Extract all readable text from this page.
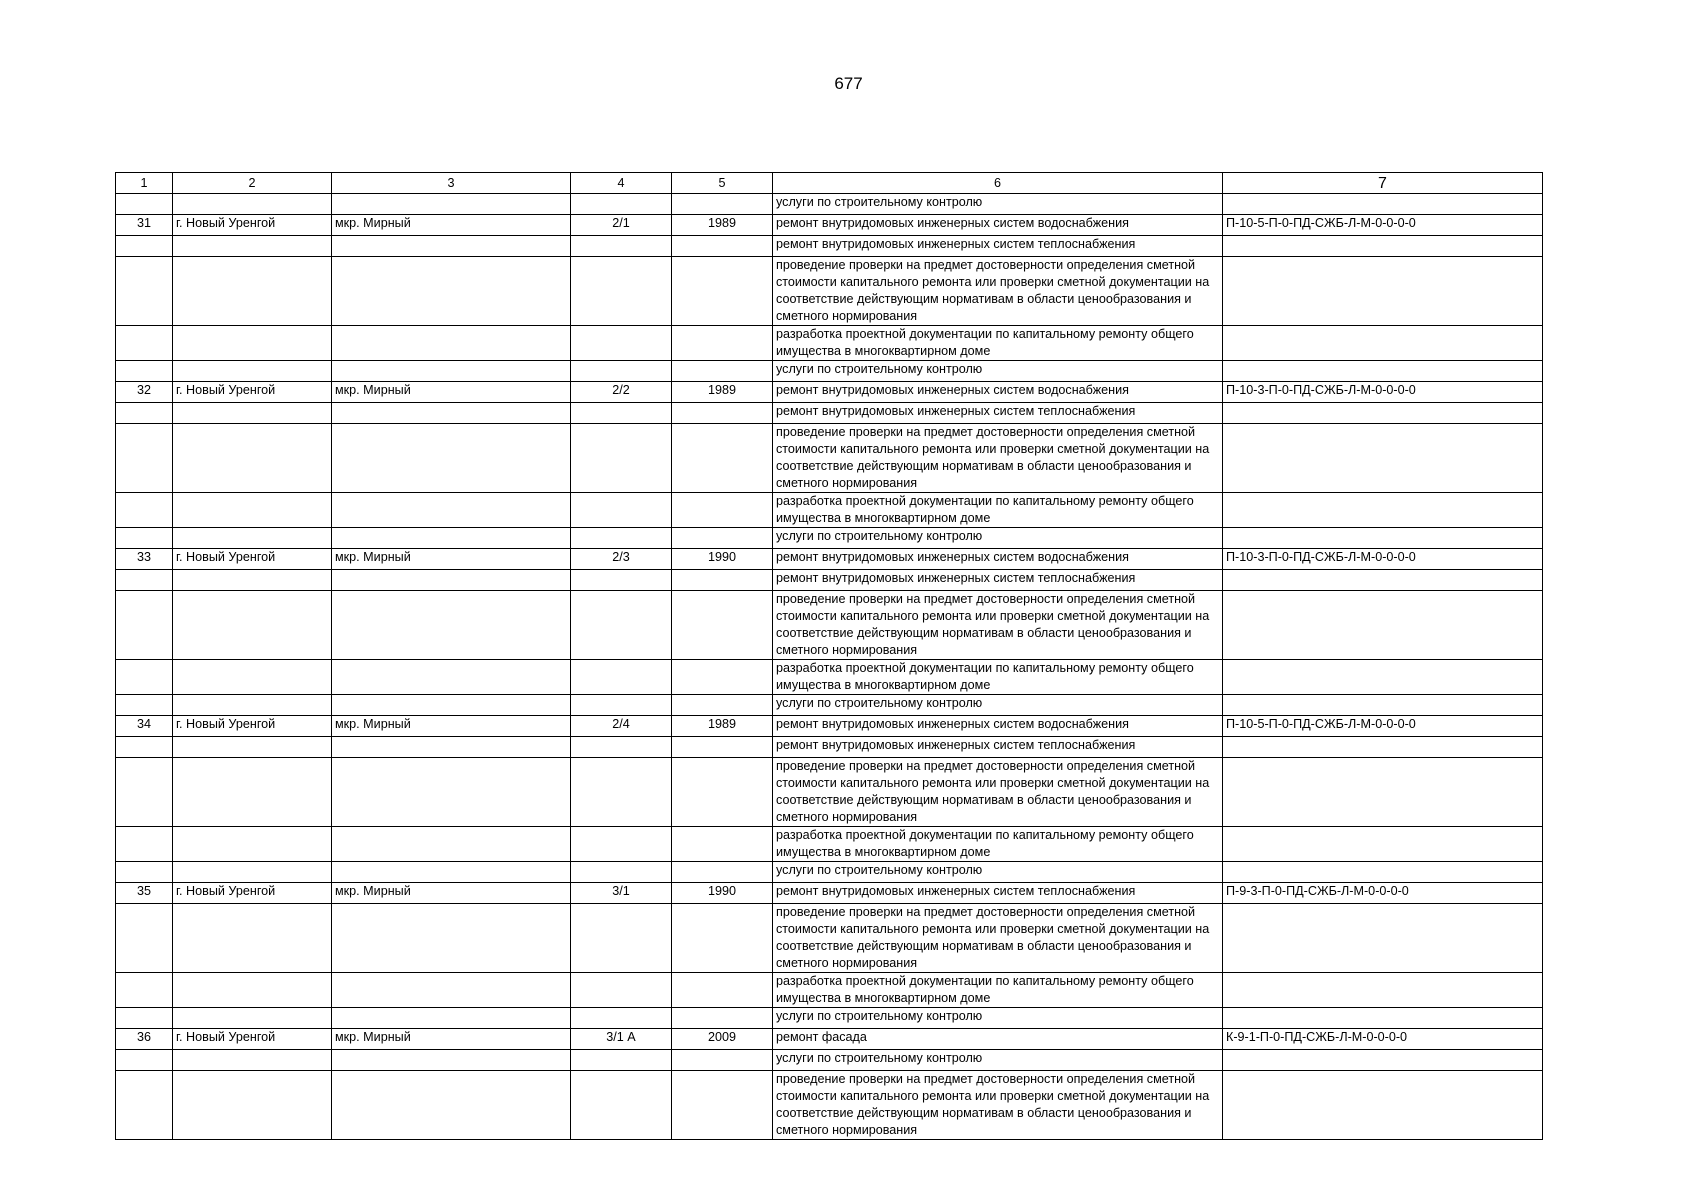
677
1	2	3	4	5	6	7
					услуги по строительному контролю	
31	г. Новый Уренгой	мкр. Мирный	2/1	1989	ремонт внутридомовых инженерных систем водоснабжения	П-10-5-П-0-ПД-СЖБ-Л-М-0-0-0-0
					ремонт внутридомовых инженерных систем теплоснабжения	
					проведение проверки на предмет достоверности определения сметной стоимости капитального ремонта или проверки сметной документации на соответствие действующим нормативам в области ценообразования и сметного нормирования	
					разработка проектной документации по капитальному ремонту общего имущества в многоквартирном доме	
					услуги по строительному контролю	
32	г. Новый Уренгой	мкр. Мирный	2/2	1989	ремонт внутридомовых инженерных систем водоснабжения	П-10-3-П-0-ПД-СЖБ-Л-М-0-0-0-0
					ремонт внутридомовых инженерных систем теплоснабжения	
					проведение проверки на предмет достоверности определения сметной стоимости капитального ремонта или проверки сметной документации на соответствие действующим нормативам в области ценообразования и сметного нормирования	
					разработка проектной документации по капитальному ремонту общего имущества в многоквартирном доме	
					услуги по строительному контролю	
33	г. Новый Уренгой	мкр. Мирный	2/3	1990	ремонт внутридомовых инженерных систем водоснабжения	П-10-3-П-0-ПД-СЖБ-Л-М-0-0-0-0
					ремонт внутридомовых инженерных систем теплоснабжения	
					проведение проверки на предмет достоверности определения сметной стоимости капитального ремонта или проверки сметной документации на соответствие действующим нормативам в области ценообразования и сметного нормирования	
					разработка проектной документации по капитальному ремонту общего имущества в многоквартирном доме	
					услуги по строительному контролю	
34	г. Новый Уренгой	мкр. Мирный	2/4	1989	ремонт внутридомовых инженерных систем водоснабжения	П-10-5-П-0-ПД-СЖБ-Л-М-0-0-0-0
					ремонт внутридомовых инженерных систем теплоснабжения	
					проведение проверки на предмет достоверности определения сметной стоимости капитального ремонта или проверки сметной документации на соответствие действующим нормативам в области ценообразования и сметного нормирования	
					разработка проектной документации по капитальному ремонту общего имущества в многоквартирном доме	
					услуги по строительному контролю	
35	г. Новый Уренгой	мкр. Мирный	3/1	1990	ремонт внутридомовых инженерных систем теплоснабжения	П-9-3-П-0-ПД-СЖБ-Л-М-0-0-0-0
					проведение проверки на предмет достоверности определения сметной стоимости капитального ремонта или проверки сметной документации на соответствие действующим нормативам в области ценообразования и сметного нормирования	
					разработка проектной документации по капитальному ремонту общего имущества в многоквартирном доме	
					услуги по строительному контролю	
36	г. Новый Уренгой	мкр. Мирный	3/1 А	2009	ремонт фасада	К-9-1-П-0-ПД-СЖБ-Л-М-0-0-0-0
					услуги по строительному контролю	
					проведение проверки на предмет достоверности определения сметной стоимости капитального ремонта или проверки сметной документации на соответствие действующим нормативам в области ценообразования и сметного нормирования	
